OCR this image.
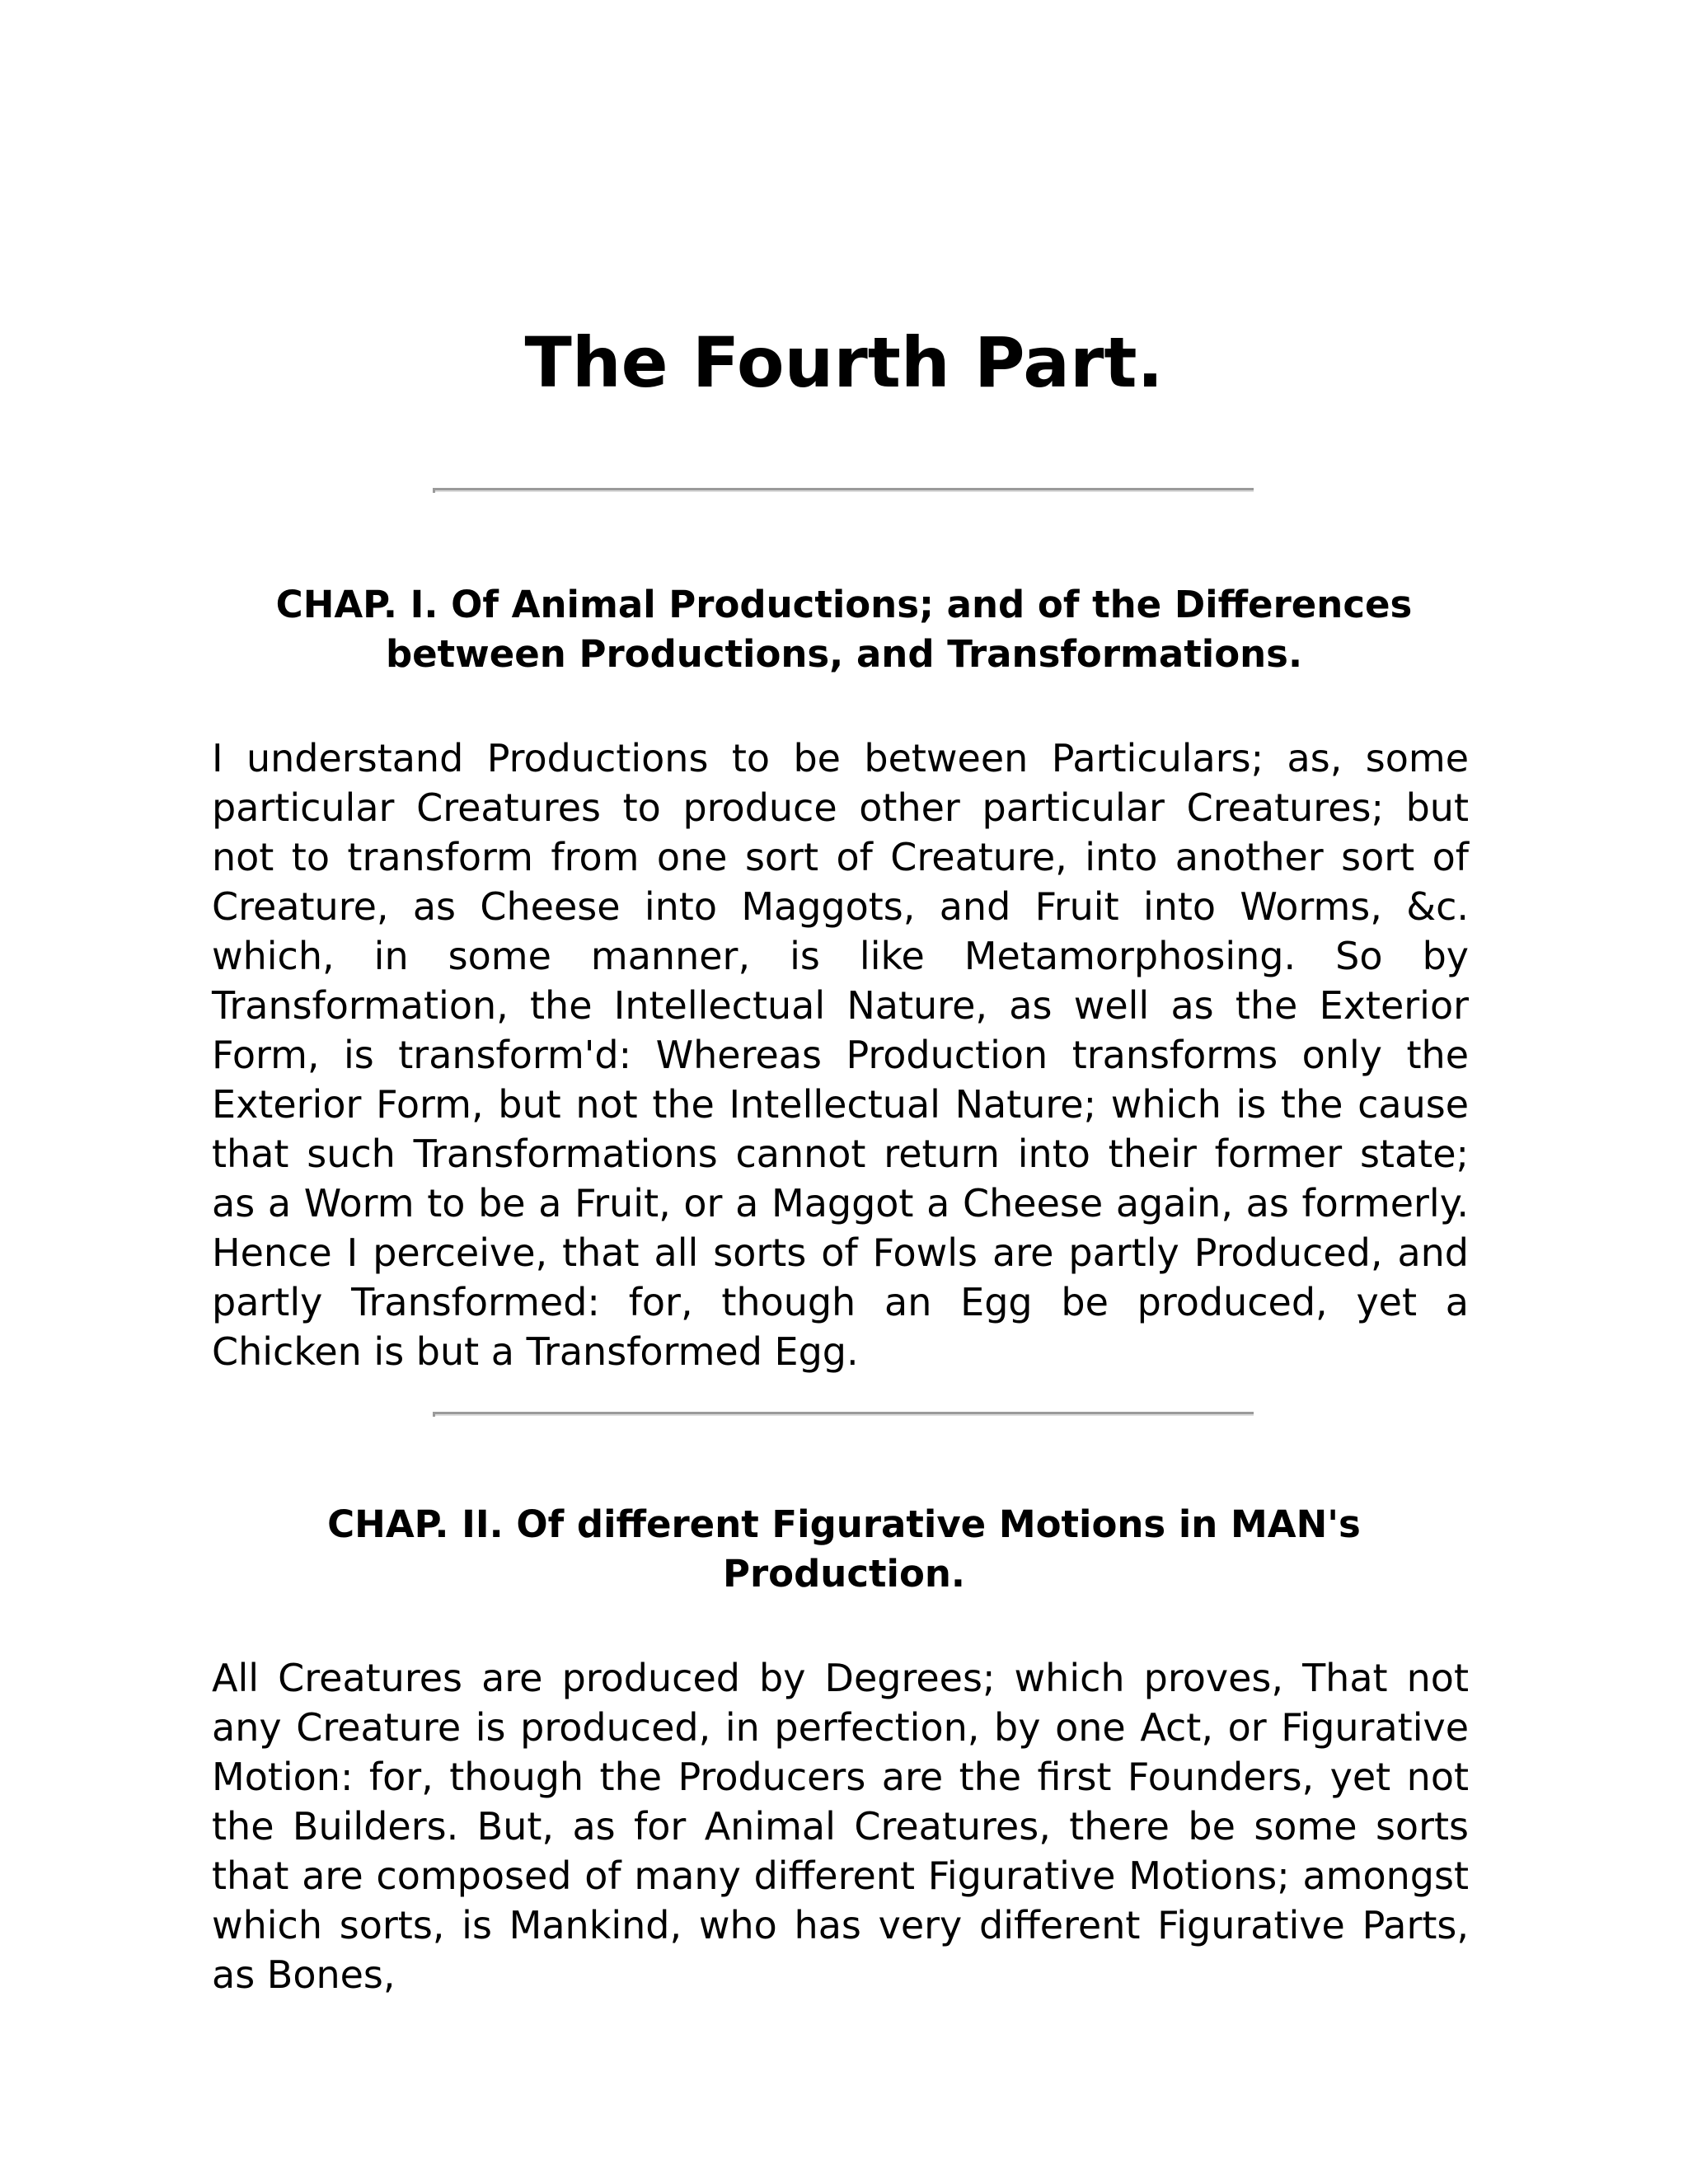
The Fourth Part.
CHAP. I. Of Animal Productions; and of the Differences between Productions, and Transformations.

I understand Productions to be between Particulars; as, some particular Creatures to produce other particular Creatures; but not to transform from one sort of Creature, into another sort of Creature, as Cheese into Maggots, and Fruit into Worms, &c. which, in some manner, is like Metamorphosing. So by Transformation, the Intellectual Nature, as well as the Exterior Form, is transform'd: Whereas Production transforms only the Exterior Form, but not the Intellectual Nature; which is the cause that such Transformations cannot return into their former state; as a Worm to be a Fruit, or a Maggot a Cheese again, as formerly. Hence I perceive, that all sorts of Fowls are partly Produced, and partly Transformed: for, though an Egg be produced, yet a Chicken is but a Transformed Egg.

CHAP. II. Of different Figurative Motions in MAN's Production.

All Creatures are produced by Degrees; which proves, That not any Creature is produced, in perfection, by one Act, or Figurative Motion: for, though the Producers are the first Founders, yet not the Builders. But, as for Animal Creatures, there be some sorts that are composed of many different Figurative Motions; amongst which sorts, is Mankind, who has very different Figurative Parts, as Bones,
